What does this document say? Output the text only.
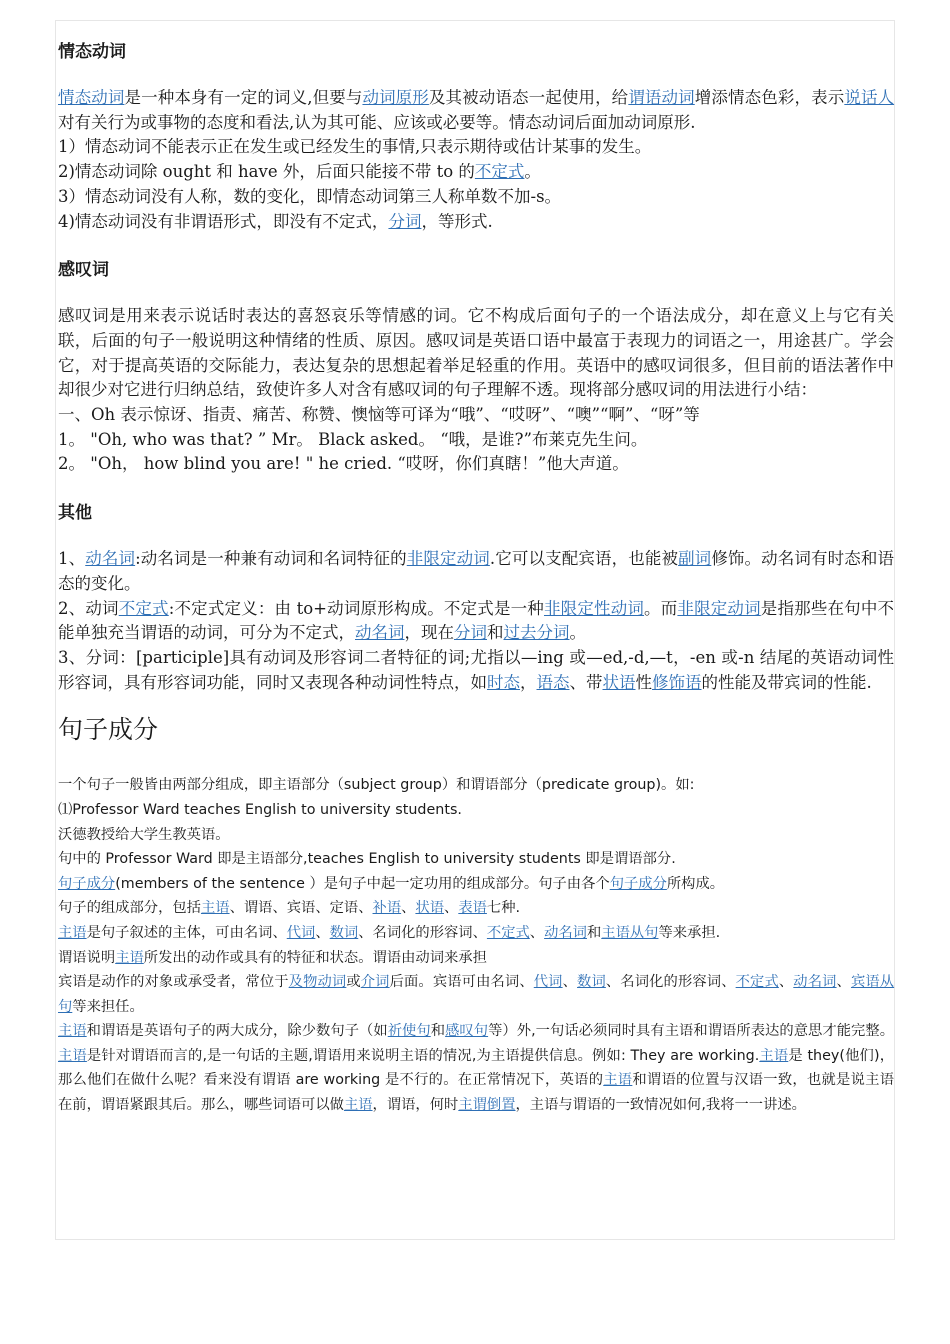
情态动词

情态动词是一种本身有一定的词义,但要与动词原形及其被动语态一起使用，给谓语动词增添情态色彩，表示说话人对有关行为或事物的态度和看法,认为其可能、应该或必要等。情态动词后面加动词原形.

1）情态动词不能表示正在发生或已经发生的事情,只表示期待或估计某事的发生。

2)情态动词除 ought 和 have 外，后面只能接不带 to 的不定式。

3）情态动词没有人称，数的变化，即情态动词第三人称单数不加-s。

4)情态动词没有非谓语形式，即没有不定式，分词，等形式.

感叹词

感叹词是用来表示说话时表达的喜怒哀乐等情感的词。它不构成后面句子的一个语法成分，却在意义上与它有关联，后面的句子一般说明这种情绪的性质、原因。感叹词是英语口语中最富于表现力的词语之一，用途甚广。学会它，对于提高英语的交际能力，表达复杂的思想起着举足轻重的作用。英语中的感叹词很多，但目前的语法著作中却很少对它进行归纳总结，致使许多人对含有感叹词的句子理解不透。现将部分感叹词的用法进行小结：

一、Oh 表示惊讶、指责、痛苦、称赞、懊恼等可译为“哦”、“哎呀”、“噢”“啊”、“呀”等

1。 "Oh, who was that? ” Mr。 Black asked。 “哦，是谁?”布莱克先生问。

2。 "Oh， how blind you are! " he cried. “哎呀，你们真瞎！”他大声道。

其他

1、动名词:动名词是一种兼有动词和名词特征的非限定动词.它可以支配宾语，也能被副词修饰。动名词有时态和语态的变化。

2、动词不定式:不定式定义：由 to+动词原形构成。不定式是一种非限定性动词。而非限定动词是指那些在句中不能单独充当谓语的动词，可分为不定式，动名词，现在分词和过去分词。

3、分词：[participle]具有动词及形容词二者特征的词;尤指以—ing 或—ed,-d,—t，-en 或-n 结尾的英语动词性形容词，具有形容词功能，同时又表现各种动词性特点，如时态，语态、带状语性修饰语的性能及带宾词的性能.

句子成分

一个句子一般皆由两部分组成，即主语部分（subject group）和谓语部分（predicate group)。如:

⑴Professor Ward teaches English to university students.

沃德教授给大学生教英语。

句中的 Professor Ward 即是主语部分,teaches English to university students 即是谓语部分.

句子成分(members of the sentence ）是句子中起一定功用的组成部分。句子由各个句子成分所构成。

句子的组成部分，包括主语、谓语、宾语、定语、补语、状语、表语七种.

主语是句子叙述的主体，可由名词、代词、数词、名词化的形容词、不定式、动名词和主语从句等来承担.

谓语说明主语所发出的动作或具有的特征和状态。谓语由动词来承担

宾语是动作的对象或承受者，常位于及物动词或介词后面。宾语可由名词、代词、数词、名词化的形容词、不定式、动名词、宾语从句等来担任。

主语和谓语是英语句子的两大成分，除少数句子（如祈使句和感叹句等）外,一句话必须同时具有主语和谓语所表达的意思才能完整。主语是针对谓语而言的,是一句话的主题,谓语用来说明主语的情况,为主语提供信息。例如: They are working.主语是 they(他们)，那么他们在做什么呢？看来没有谓语 are working 是不行的。在正常情况下，英语的主语和谓语的位置与汉语一致，也就是说主语在前，谓语紧跟其后。那么，哪些词语可以做主语，谓语，何时主谓倒置，主语与谓语的一致情况如何,我将一一讲述。
